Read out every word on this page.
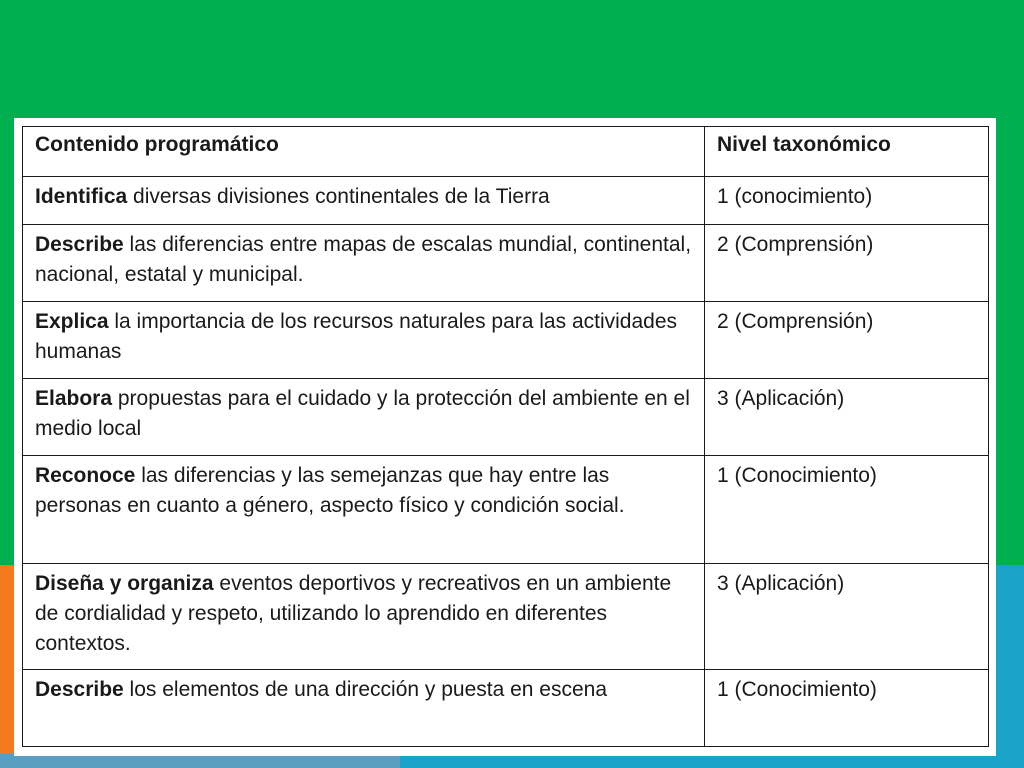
Contenido programático	Nivel taxonómico
Identifica diversas divisiones continentales de la Tierra	1 (conocimiento)
Describe las diferencias entre mapas de escalas mundial, continental, nacional, estatal y municipal.	2 (Comprensión)
Explica la importancia de los recursos naturales para las actividades humanas	2 (Comprensión)
Elabora propuestas para el cuidado y la protección del ambiente en el medio local	3 (Aplicación)
Reconoce las diferencias y las semejanzas que hay entre las personas en cuanto a género, aspecto físico y condición social.	1 (Conocimiento)
Diseña y organiza eventos deportivos y recreativos en un ambiente de cordialidad y respeto, utilizando lo aprendido en diferentes contextos.	3 (Aplicación)
Describe los elementos de una dirección y puesta en escena	1 (Conocimiento)
